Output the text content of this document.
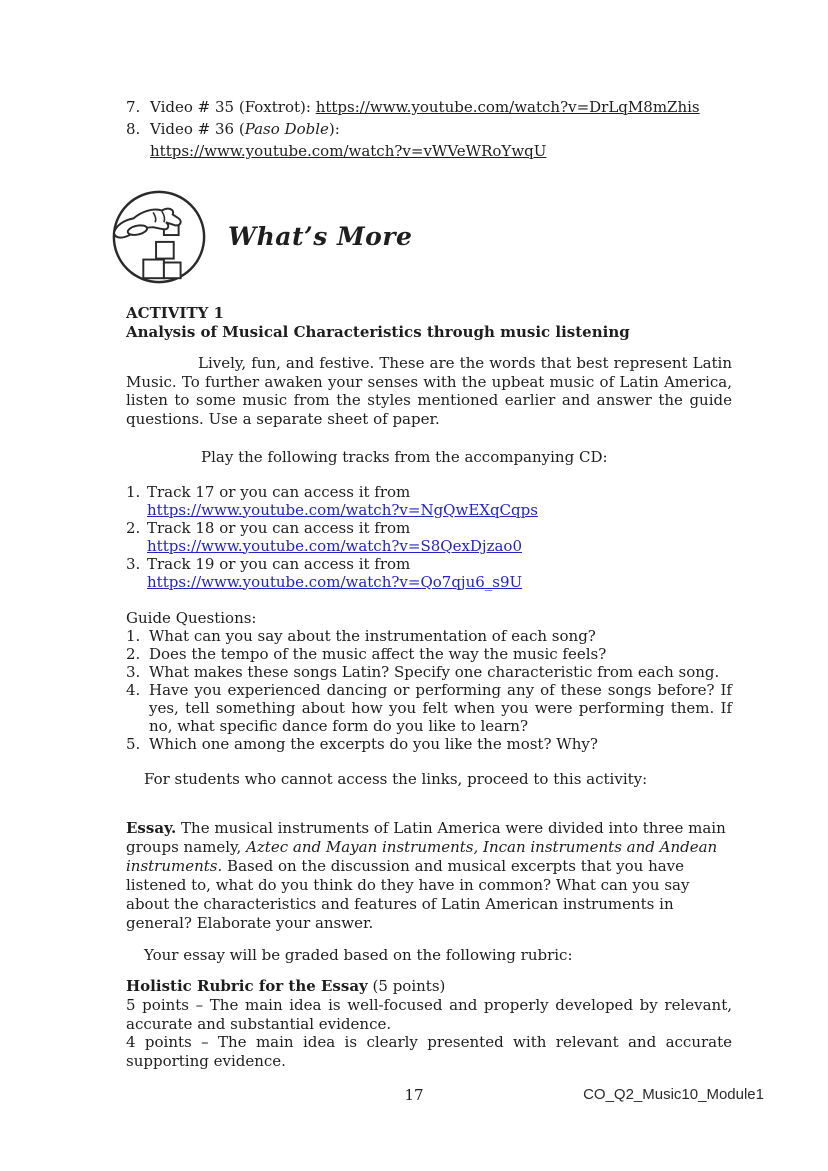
7. Video # 35 (Foxtrot): https://www.youtube.com/watch?v=DrLqM8mZhis
8. Video # 36 (Paso Doble):
https://www.youtube.com/watch?v=vWVeWRoYwqU
What’s More
ACTIVITY 1
Analysis of Musical Characteristics through music listening
Lively, fun, and festive. These are the words that best represent Latin Music. To further awaken your senses with the upbeat music of Latin America, listen to some music from the styles mentioned earlier and answer the guide questions. Use a separate sheet of paper.
Play the following tracks from the accompanying CD:
1. Track 17 or you can access it from
https://www.youtube.com/watch?v=NgQwEXqCqps
2. Track 18 or you can access it from
https://www.youtube.com/watch?v=S8QexDjzao0
3. Track 19 or you can access it from
https://www.youtube.com/watch?v=Qo7qju6_s9U
Guide Questions:
1. What can you say about the instrumentation of each song?
2. Does the tempo of the music affect the way the music feels?
3. What makes these songs Latin? Specify one characteristic from each song.
4. Have you experienced dancing or performing any of these songs before? If yes, tell something about how you felt when you were performing them. If no, what specific dance form do you like to learn?
5. Which one among the excerpts do you like the most? Why?
For students who cannot access the links, proceed to this activity:
Essay. The musical instruments of Latin America were divided into three main groups namely, Aztec and Mayan instruments, Incan instruments and Andean instruments. Based on the discussion and musical excerpts that you have listened to, what do you think do they have in common? What can you say about the characteristics and features of Latin American instruments in general? Elaborate your answer.
Your essay will be graded based on the following rubric:
Holistic Rubric for the Essay (5 points)
5 points – The main idea is well-focused and properly developed by relevant, accurate and substantial evidence.
4 points – The main idea is clearly presented with relevant and accurate supporting evidence.
17	CO_Q2_Music10_Module1
